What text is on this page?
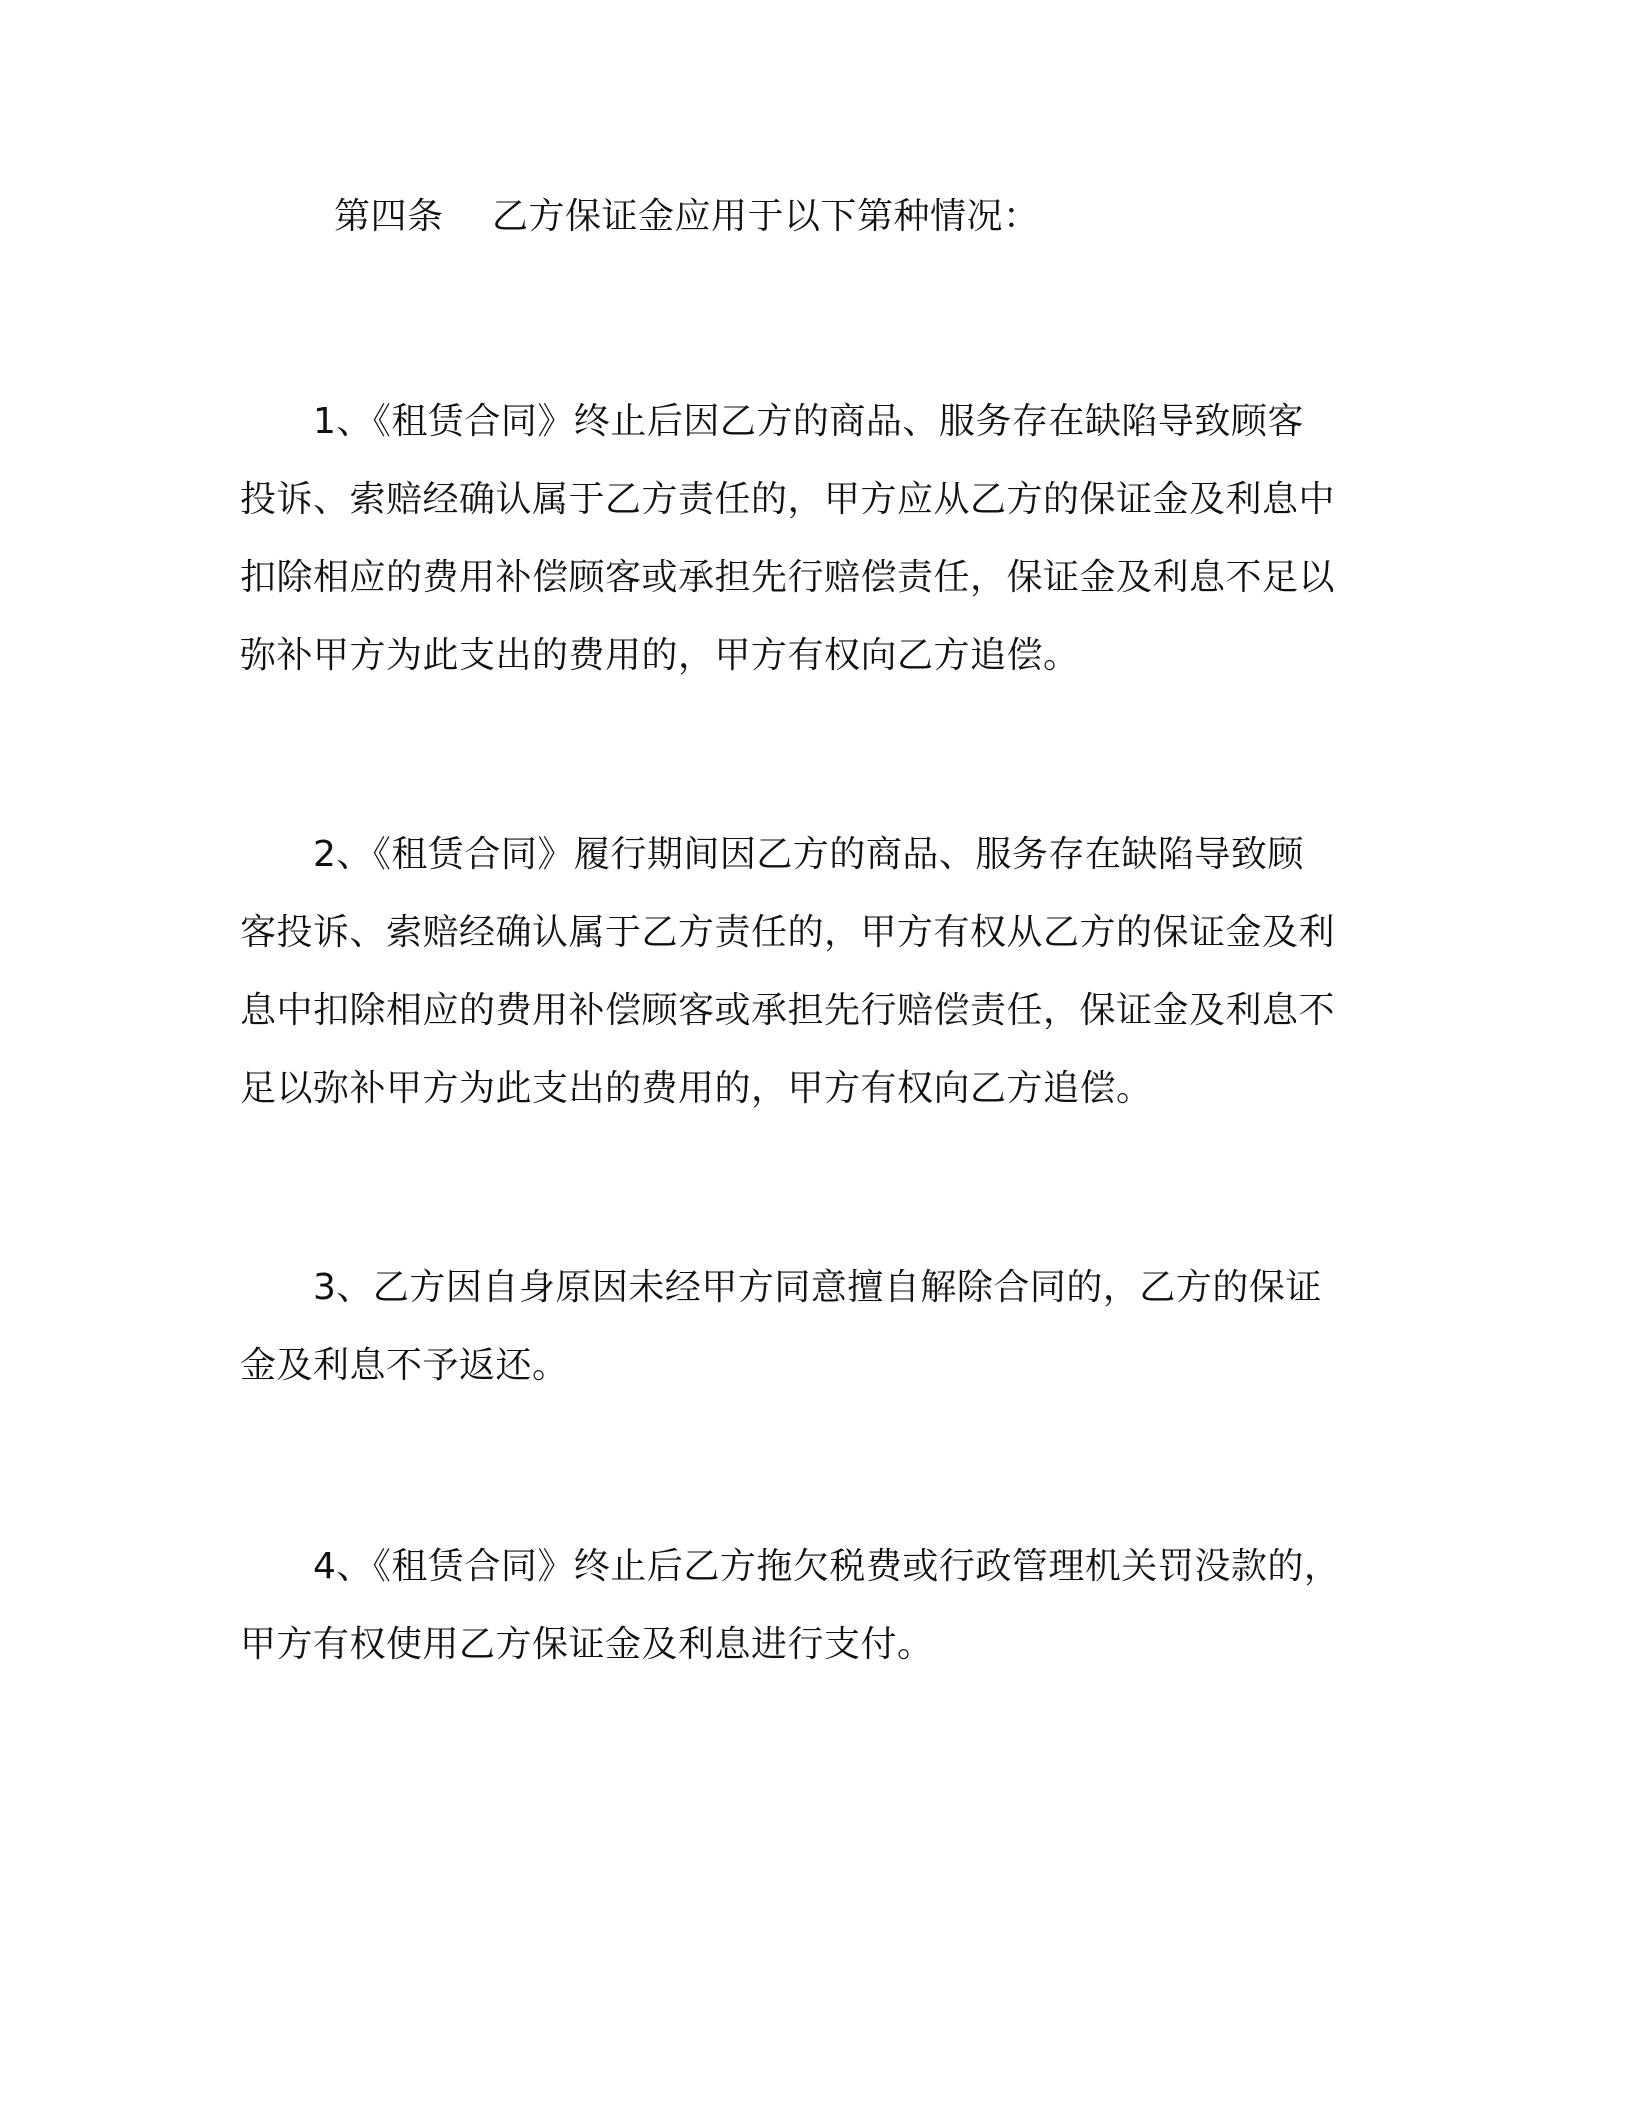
第四条　 乙方保证金应用于以下第种情况：
　　1、《租赁合同》终止后因乙方的商品、服务存在缺陷导致顾客
投诉、索赔经确认属于乙方责任的，甲方应从乙方的保证金及利息中
扣除相应的费用补偿顾客或承担先行赔偿责任，保证金及利息不足以
弥补甲方为此支出的费用的，甲方有权向乙方追偿。
　　2、《租赁合同》履行期间因乙方的商品、服务存在缺陷导致顾
客投诉、索赔经确认属于乙方责任的，甲方有权从乙方的保证金及利
息中扣除相应的费用补偿顾客或承担先行赔偿责任，保证金及利息不
足以弥补甲方为此支出的费用的，甲方有权向乙方追偿。
　　3、乙方因自身原因未经甲方同意擅自解除合同的，乙方的保证
金及利息不予返还。
　　4、《租赁合同》终止后乙方拖欠税费或行政管理机关罚没款的，
甲方有权使用乙方保证金及利息进行支付。
